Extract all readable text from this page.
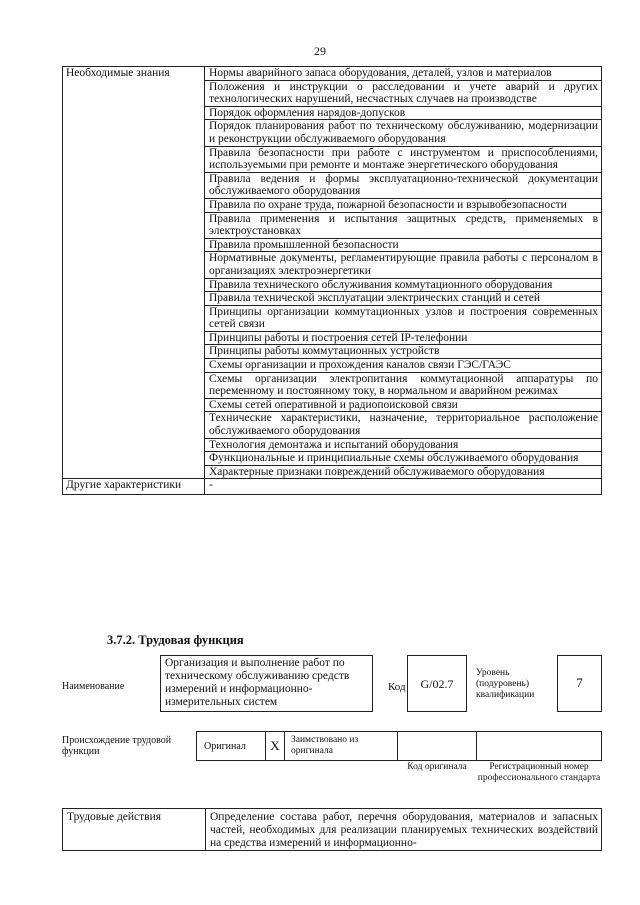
29
Необходимые знания	Нормы аварийного запаса оборудования, деталей, узлов и материалов
	Положения и инструкции о расследовании и учете аварий и других технологических нарушений, несчастных случаев на производстве
	Порядок оформления нарядов-допусков
	Порядок планирования работ по техническому обслуживанию, модернизации и реконструкции обслуживаемого оборудования
	Правила безопасности при работе с инструментом и приспособлениями, используемыми при ремонте и монтаже энергетического оборудования
	Правила ведения и формы эксплуатационно-технической документации обслуживаемого оборудования
	Правила по охране труда, пожарной безопасности и взрывобезопасности
	Правила применения и испытания защитных средств, применяемых в электроустановках
	Правила промышленной безопасности
	Нормативные документы, регламентирующие правила работы с персоналом в организациях электроэнергетики
	Правила технического обслуживания коммутационного оборудования
	Правила технической эксплуатации электрических станций и сетей
	Принципы организации коммутационных узлов и построения современных сетей связи
	Принципы работы и построения сетей IP-телефонии
	Принципы работы коммутационных устройств
	Схемы организации и прохождения каналов связи ГЭС/ГАЭС
	Схемы организации электропитания коммутационной аппаратуры по переменному и постоянному току, в нормальном и аварийном режимах
	Схемы сетей оперативной и радиопоисковой связи
	Технические характеристики, назначение, территориальное расположение обслуживаемого оборудования
	Технология демонтажа и испытаний оборудования
	Функциональные и принципиальные схемы обслуживаемого оборудования
	Характерные признаки повреждений обслуживаемого оборудования
Другие характеристики	-
3.7.2. Трудовая функция
Наименование
Организация и выполнение работ по техническому обслуживанию средств измерений и информационно-измерительных систем
Код	G/02.7
Уровень (подуровень) квалификации
7
Происхождение трудовой функции	Оригинал	X	Заимствовано из оригинала
Код оригинала	Регистрационный номер профессионального стандарта
Трудовые действия	Определение состава работ, перечня оборудования, материалов и запасных частей, необходимых для реализации планируемых технических воздействий на средства измерений и информационно-
